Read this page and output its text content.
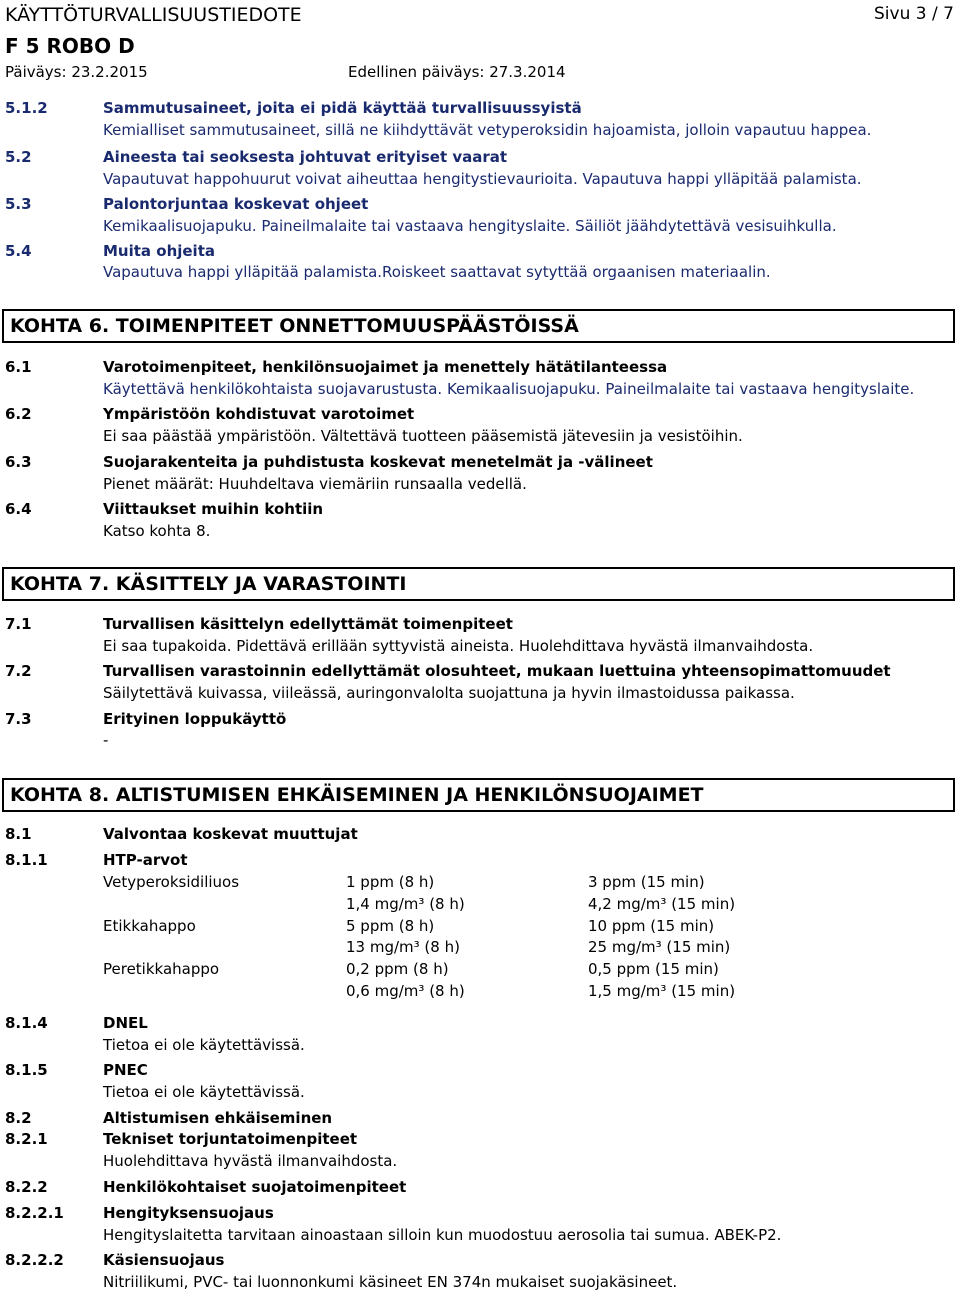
KÄYTTÖTURVALLISUUSTIEDOTE	Sivu 3 / 7
F 5 ROBO D
Päiväys: 23.2.2015	Edellinen päiväys: 27.3.2014
5.1.2	Sammutusaineet, joita ei pidä käyttää turvallisuussyistä
Kemialliset sammutusaineet, sillä ne kiihdyttävät vetyperoksidin hajoamista, jolloin vapautuu happea.
5.2	Aineesta tai seoksesta johtuvat erityiset vaarat
Vapautuvat happohuurut voivat aiheuttaa hengitystievaurioita. Vapautuva happi ylläpitää palamista.
5.3	Palontorjuntaa koskevat ohjeet
Kemikaalisuojapuku. Paineilmalaite tai vastaava hengityslaite. Säiliöt jäähdytettävä vesisuihkulla.
5.4	Muita ohjeita
Vapautuva happi ylläpitää palamista.Roiskeet saattavat sytyttää orgaanisen materiaalin.
KOHTA 6. TOIMENPITEET ONNETTOMUUSPÄÄSTÖISSÄ
6.1	Varotoimenpiteet, henkilönsuojaimet ja menettely hätätilanteessa
Käytettävä henkilökohtaista suojavarustusta. Kemikaalisuojapuku. Paineilmalaite tai vastaava hengityslaite.
6.2	Ympäristöön kohdistuvat varotoimet
Ei saa päästää ympäristöön. Vältettävä tuotteen pääsemistä jätevesiin ja vesistöihin.
6.3	Suojarakenteita ja puhdistusta koskevat menetelmät ja -välineet
Pienet määrät: Huuhdeltava viemäriin runsaalla vedellä.
6.4	Viittaukset muihin kohtiin
Katso kohta 8.
KOHTA 7. KÄSITTELY JA VARASTOINTI
7.1	Turvallisen käsittelyn edellyttämät toimenpiteet
Ei saa tupakoida. Pidettävä erillään syttyvistä aineista. Huolehdittava hyvästä ilmanvaihdosta.
7.2	Turvallisen varastoinnin edellyttämät olosuhteet, mukaan luettuina yhteensopimattomuudet
Säilytettävä kuivassa, viileässä, auringonvalolta suojattuna ja hyvin ilmastoidussa paikassa.
7.3	Erityinen loppukäyttö
-
KOHTA 8. ALTISTUMISEN EHKÄISEMINEN JA HENKILÖNSUOJAIMET
8.1	Valvontaa koskevat muuttujat
8.1.1	HTP-arvot
Vetyperoksidiliuos	1 ppm (8 h)	3 ppm (15 min)
1,4 mg/m³ (8 h)	4,2 mg/m³ (15 min)
Etikkahappo	5 ppm (8 h)	10 ppm (15 min)
13 mg/m³ (8 h)	25 mg/m³ (15 min)
Peretikkahappo	0,2 ppm (8 h)	0,5 ppm (15 min)
0,6 mg/m³ (8 h)	1,5 mg/m³ (15 min)
8.1.4	DNEL
Tietoa ei ole käytettävissä.
8.1.5	PNEC
Tietoa ei ole käytettävissä.
8.2	Altistumisen ehkäiseminen
8.2.1	Tekniset torjuntatoimenpiteet
Huolehdittava hyvästä ilmanvaihdosta.
8.2.2	Henkilökohtaiset suojatoimenpiteet
8.2.2.1	Hengityksensuojaus
Hengityslaitetta tarvitaan ainoastaan silloin kun muodostuu aerosolia tai sumua. ABEK-P2.
8.2.2.2	Käsiensuojaus
Nitriilikumi, PVC- tai luonnonkumi käsineet EN 374n mukaiset suojakäsineet.
